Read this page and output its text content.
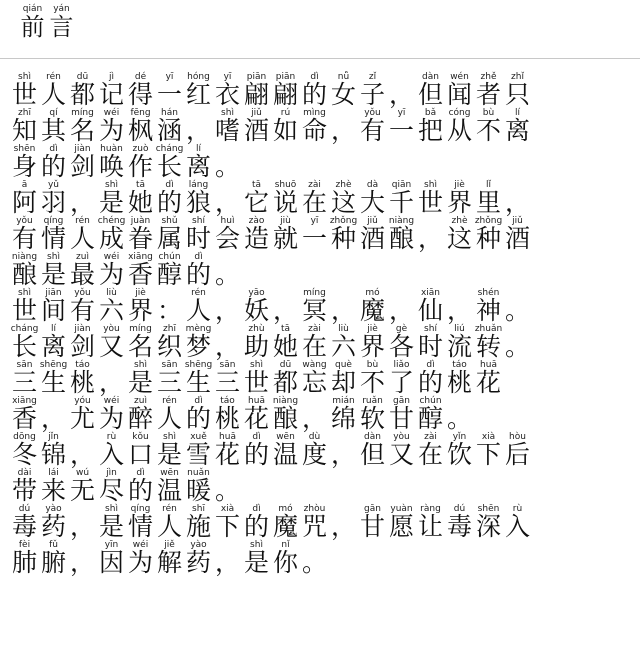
qián
前
yán
言
shì
世
rén
人
dū
都
jì
记
dé
得
yī
一
hóng
红
yī
衣
piān
翩
piān
翩
dì
的
nǚ
女
zǐ
子 ，
dàn
但
wén
闻
zhě
者
zhǐ
只
zhī
知
qí
其
míng
名
wéi
为
fēng
枫
hán
涵 ，
shì
嗜
jiǔ
酒
rú
如
mìng
命 ，
yǒu
有
yī
一
bǎ
把
cóng
从
bù
不
lí
离
shēn
身
dì
的
jiàn
剑
huàn
唤
zuò
作
cháng
长
lí
离 。
ā
阿
yǔ
羽 ，
shì
是
tā
她
dì
的
láng
狼 ，
tā
它
shuō
说
zài
在
zhè
这
dà
大
qiān
千
shì
世
jiè
界
lǐ
里 ，
yǒu
有
qíng
情
rén
人
chéng
成
juàn
眷
shǔ
属
shí
时
huì
会
zào
造
jiù
就
yī
一
zhǒng
种
jiǔ
酒
niàng
酿 ，
zhè
这
zhǒng
种
jiǔ
酒
niàng
酿
shì
是
zuì
最
wéi
为
xiāng
香
chún
醇
dì
的 。
shì
世
jiān
间
yǒu
有
liù
六
jiè
界 ：
rén
人 ，
yāo
妖 ，
míng
冥 ，
mó
魔 ，
xiān
仙 ，
shén
神 。
cháng
长
lí
离
jiàn
剑
yòu
又
míng
名
zhī
织
mèng
梦 ，
zhù
助
tā
她
zài
在
liù
六
jiè
界
gè
各
shí
时
liú
流
zhuǎn
转 。
sān
三
shēng
生
táo
桃 ，
shì
是
sān
三
shēng
生
sān
三
shì
世
dū
都
wàng
忘
què
却
bù
不
liǎo
了
dì
的
táo
桃
huā
花
xiāng
香 ，
yóu
尤
wéi
为
zuì
醉
rén
人
dì
的
táo
桃
huā
花
niàng
酿 ，
mián
绵
ruǎn
软
gān
甘
chún
醇 。
dōng
冬
jǐn
锦 ，
rù
入
kǒu
口
shì
是
xuě
雪
huā
花
dì
的
wēn
温
dù
度 ，
dàn
但
yòu
又
zài
在
yǐn
饮
xià
下
hòu
后
dài
带
lái
来
wú
无
jìn
尽
dì
的
wēn
温
nuǎn
暖 。
dú
毒
yào
药 ，
shì
是
qíng
情
rén
人
shī
施
xià
下
dì
的
mó
魔
zhòu
咒 ，
gān
甘
yuàn
愿
ràng
让
dú
毒
shēn
深
rù
入
fèi
肺
fǔ
腑 ，
yīn
因
wéi
为
jiě
解
yào
药 ，
shì
是
nǐ
你 。
